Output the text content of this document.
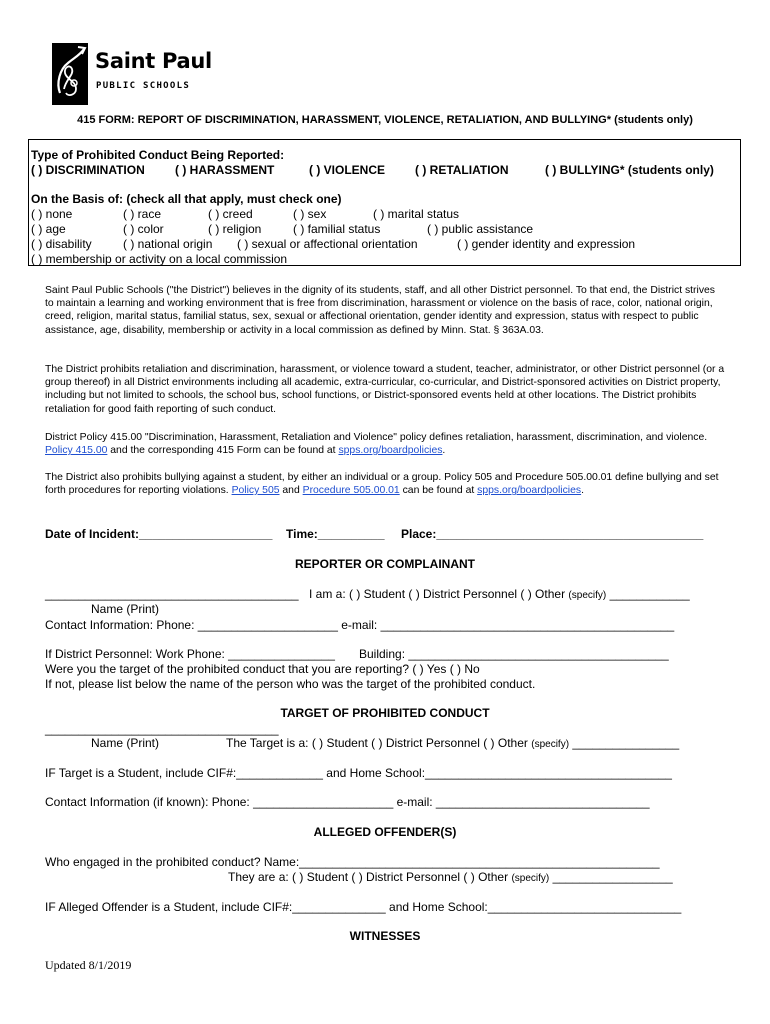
Saint Paul
PUBLIC SCHOOLS
415 FORM: REPORT OF DISCRIMINATION, HARASSMENT, VIOLENCE, RETALIATION, AND BULLYING* (students only)
Type of Prohibited Conduct Being Reported:
( ) DISCRIMINATION	( ) HARASSMENT	( ) VIOLENCE ( ) RETALIATION	( ) BULLYING* (students only)
On the Basis of: (check all that apply, must check one)
( ) none	( ) race	( ) creed	( ) sex	( ) marital status
( ) age	( ) color	( ) religion	( ) familial status	( ) public assistance
( ) disability	( ) national origin ( ) sexual or affectional orientation	( ) gender identity and expression
( ) membership or activity on a local commission

Saint Paul Public Schools ("the District") believes in the dignity of its students, staff, and all other District personnel. To that end, the District strives to maintain a learning and working environment that is free from discrimination, harassment or violence on the basis of race, color, national origin, creed, religion, marital status, familial status, sex, sexual or affectional orientation, gender identity and expression, status with respect to public assistance, age, disability, membership or activity in a local commission as defined by Minn. Stat. § 363A.03.

The District prohibits retaliation and discrimination, harassment, or violence toward a student, teacher, administrator, or other District personnel (or a group thereof) in all District environments including all academic, extra-curricular, co-curricular, and District-sponsored activities on District property, including but not limited to schools, the school bus, school functions, or District-sponsored events held at other locations. The District prohibits retaliation for good faith reporting of such conduct.

District Policy 415.00 "Discrimination, Harassment, Retaliation and Violence" policy defines retaliation, harassment, discrimination, and violence. Policy 415.00 and the corresponding 415 Form can be found at spps.org/boardpolicies.

The District also prohibits bullying against a student, by either an individual or a group. Policy 505 and Procedure 505.00.01 define bullying and set forth procedures for reporting violations. Policy 505 and Procedure 505.00.01 can be found at spps.org/boardpolicies.

Date of Incident:____________________ Time:__________ Place:________________________________________
REPORTER OR COMPLAINANT
______________________________________ I am a: ( ) Student ( ) District Personnel ( ) Other (specify) ____________
Name (Print)
Contact Information: Phone: _____________________ e-mail: ____________________________________________
If District Personnel: Work Phone: ________________ Building: _______________________________________
Were you the target of the prohibited conduct that you are reporting? ( ) Yes ( ) No
If not, please list below the name of the person who was the target of the prohibited conduct.
TARGET OF PROHIBITED CONDUCT
___________________________________
Name (Print)	The Target is a: ( ) Student ( ) District Personnel ( ) Other (specify) ________________
IF Target is a Student, include CIF#:_____________ and Home School:_____________________________________
Contact Information (if known): Phone: _____________________ e-mail: ________________________________
ALLEGED OFFENDER(S)
Who engaged in the prohibited conduct? Name:______________________________________________________
They are a: ( ) Student ( ) District Personnel ( ) Other (specify) __________________
IF Alleged Offender is a Student, include CIF#:______________ and Home School:_____________________________
WITNESSES
Updated 8/1/2019
